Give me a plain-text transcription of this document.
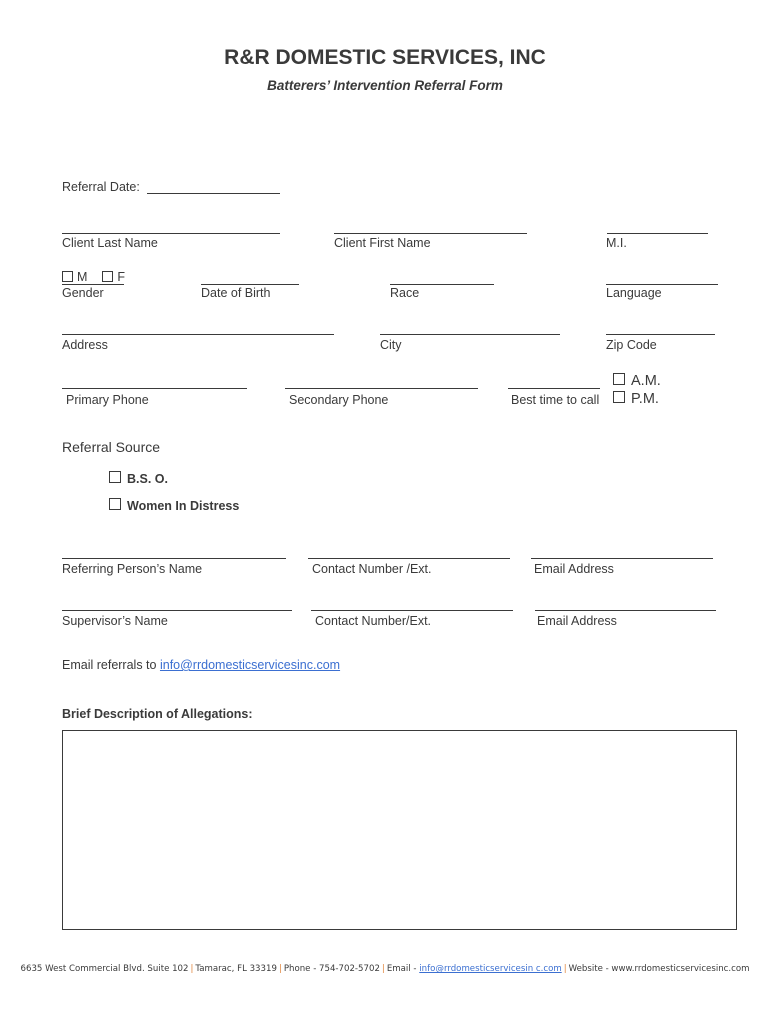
R&R DOMESTIC SERVICES, INC
Batterers’ Intervention Referral Form
Referral Date:
Client Last Name	Client First Name	M.I.
M F
Gender	Date of Birth	Race	Language
Address	City	Zip Code
Primary Phone	Secondary Phone	Best time to call
A.M.
P.M.
Referral Source
B.S. O.
Women In Distress
Referring Person’s Name	Contact Number /Ext.	Email Address
Supervisor’s Name	Contact Number/Ext.	Email Address
Email referrals to info@rrdomesticservicesinc.com
Brief Description of Allegations:
6635 West Commercial Blvd. Suite 102 | Tamarac, FL 33319 | Phone - 754-702-5702 | Email - info@rrdomesticservicesin c.com | Website - www.rrdomesticservicesinc.com
